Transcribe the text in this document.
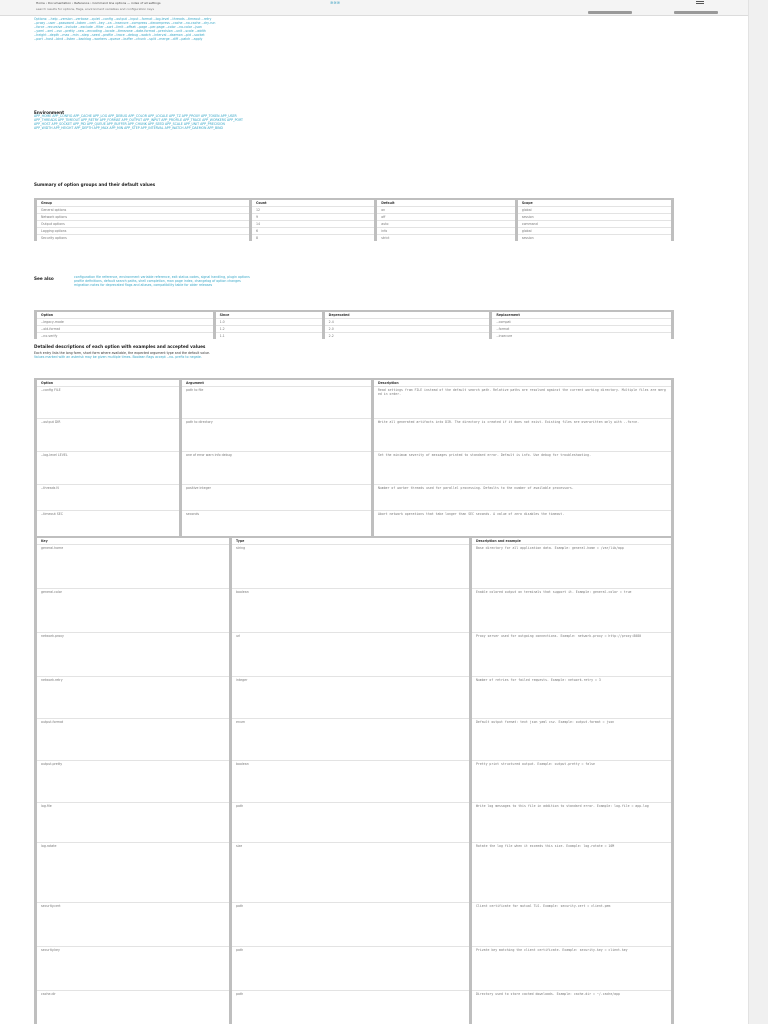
Home › Documentation › Reference › Command line options — index of all settings
search results for options, flags, environment variables and configuration keys
≋≋≋
Options: --help --version --verbose --quiet --config --output --input --format --log-level --threads --timeout --retry
--proxy --user --password --token --cert --key --ca --insecure --compress --decompress --cache --no-cache --dry-run
--force --recursive --include --exclude --filter --sort --limit --offset --page --per-page --color --no-color --json
--yaml --xml --csv --pretty --raw --encoding --locale --timezone --date-format --precision --unit --scale --width
--height --depth --max --min --step --seed --profile --trace --debug --watch --interval --daemon --pid --socket
--port --host --bind --listen --backlog --workers --queue --buffer --chunk --split --merge --diff --patch --apply
Environment
APP_HOME APP_CONFIG APP_CACHE APP_LOG APP_DEBUG APP_COLOR APP_LOCALE APP_TZ APP_PROXY APP_TOKEN APP_USER
APP_THREADS APP_TIMEOUT APP_RETRY APP_FORMAT APP_OUTPUT APP_INPUT APP_PROFILE APP_TRACE APP_WORKERS APP_PORT
APP_HOST APP_SOCKET APP_PID APP_QUEUE APP_BUFFER APP_CHUNK APP_SEED APP_SCALE APP_UNIT APP_PRECISION
APP_WIDTH APP_HEIGHT APP_DEPTH APP_MAX APP_MIN APP_STEP APP_INTERVAL APP_WATCH APP_DAEMON APP_BIND
Summary of option groups and their default values
Group	Count	Default	Scope
General options	12	on	global
Network options	9	off	session
Output options	14	auto	command
Logging options	6	info	global
Security options	8	strict	session
See also	configuration file reference, environment variable reference, exit status codes, signal handling, plugin options
profile definitions, default search paths, shell completion, man page index, changelog of option changes
migration notes for deprecated flags and aliases, compatibility table for older releases
Option	Since	Deprecated	Replacement
--legacy-mode	1.0	2.4	--compat
--old-format	1.2	2.0	--format
--no-verify	1.1	2.2	--insecure
Detailed descriptions of each option with examples and accepted values
Each entry lists the long form, short form where available, the expected argument type and the default value.
Values marked with an asterisk may be given multiple times. Boolean flags accept --no- prefix to negate.
Option	Argument	Description
--config FILE	path to file	Read settings from FILE instead of the default search path. Relative paths are resolved against the current working directory. Multiple files are merged in order.
--output DIR	path to directory	Write all generated artifacts into DIR. The directory is created if it does not exist. Existing files are overwritten only with --force.
--log-level LEVEL	one of error warn info debug	Set the minimum severity of messages printed to standard error. Default is info. Use debug for troubleshooting.
--threads N	positive integer	Number of worker threads used for parallel processing. Defaults to the number of available processors.
--timeout SEC	seconds	Abort network operations that take longer than SEC seconds. A value of zero disables the timeout.
Key	Type	Description and example
general.home	string	Base directory for all application data. Example: general.home = /var/lib/app
general.color	boolean	Enable colored output on terminals that support it. Example: general.color = true
network.proxy	url	Proxy server used for outgoing connections. Example: network.proxy = http://proxy:8080
network.retry	integer	Number of retries for failed requests. Example: network.retry = 3
output.format	enum	Default output format: text json yaml csv. Example: output.format = json
output.pretty	boolean	Pretty print structured output. Example: output.pretty = false
log.file	path	Write log messages to this file in addition to standard error. Example: log.file = app.log
log.rotate	size	Rotate the log file when it exceeds this size. Example: log.rotate = 10M
security.cert	path	Client certificate for mutual TLS. Example: security.cert = client.pem
security.key	path	Private key matching the client certificate. Example: security.key = client.key
cache.dir	path	Directory used to store cached downloads. Example: cache.dir = ~/.cache/app
